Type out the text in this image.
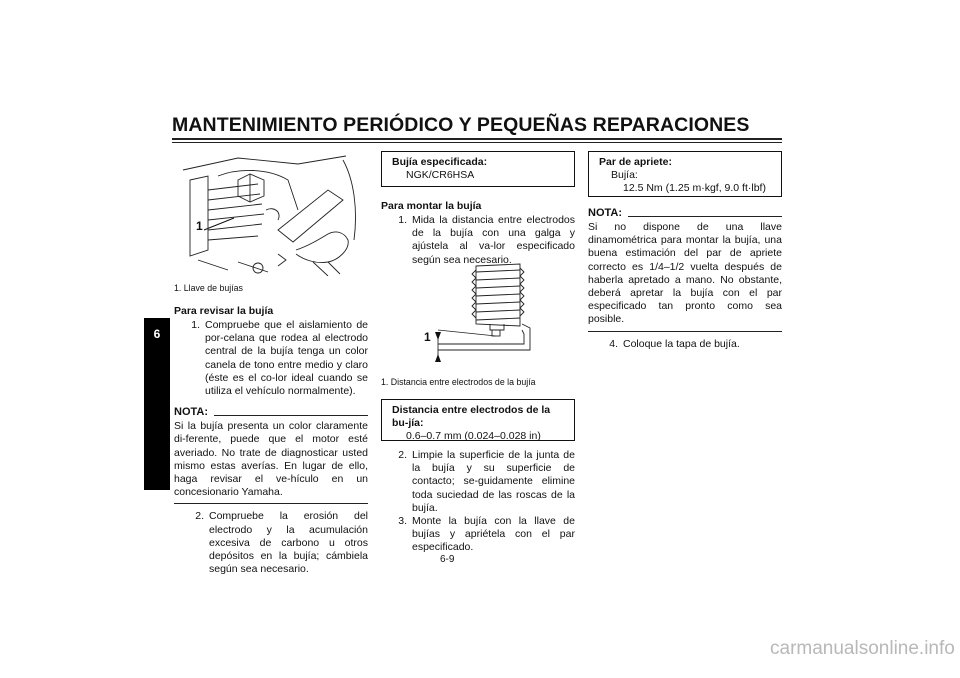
MANTENIMIENTO PERIÓDICO Y PEQUEÑAS REPARACIONES
6
1
1. Llave de bujías
Para revisar la bujía
1. Compruebe que el aislamiento de por-celana que rodea al electrodo central de la bujía tenga un color canela de tono entre medio y claro (éste es el co-lor ideal cuando se utiliza el vehículo normalmente).
NOTA:
Si la bujía presenta un color claramente di-ferente, puede que el motor esté averiado. No trate de diagnosticar usted mismo estas averías. En lugar de ello, haga revisar el ve-hículo en un concesionario Yamaha.
2. Compruebe la erosión del electrodo y la acumulación excesiva de carbono u otros depósitos en la bujía; cámbiela según sea necesario.
Bujía especificada:
NGK/CR6HSA
Para montar la bujía
1. Mida la distancia entre electrodos de la bujía con una galga y ajústela al va-lor especificado según sea necesario.
1
1. Distancia entre electrodos de la bujía
Distancia entre electrodos de la bu-jía:
0.6–0.7 mm (0.024–0.028 in)
2. Limpie la superficie de la junta de la bujía y su superficie de contacto; se-guidamente elimine toda suciedad de las roscas de la bujía.
3. Monte la bujía con la llave de bujías y apriétela con el par especificado.
Par de apriete:
Bujía:
12.5 Nm (1.25 m·kgf, 9.0 ft·lbf)
NOTA:
Si no dispone de una llave dinamométrica para montar la bujía, una buena estimación del par de apriete correcto es 1/4–1/2 vuelta después de haberla apretado a mano. No obstante, deberá apretar la bujía con el par especificado tan pronto como sea posible.
4. Coloque la tapa de bujía.
6-9
carmanualsonline.info
